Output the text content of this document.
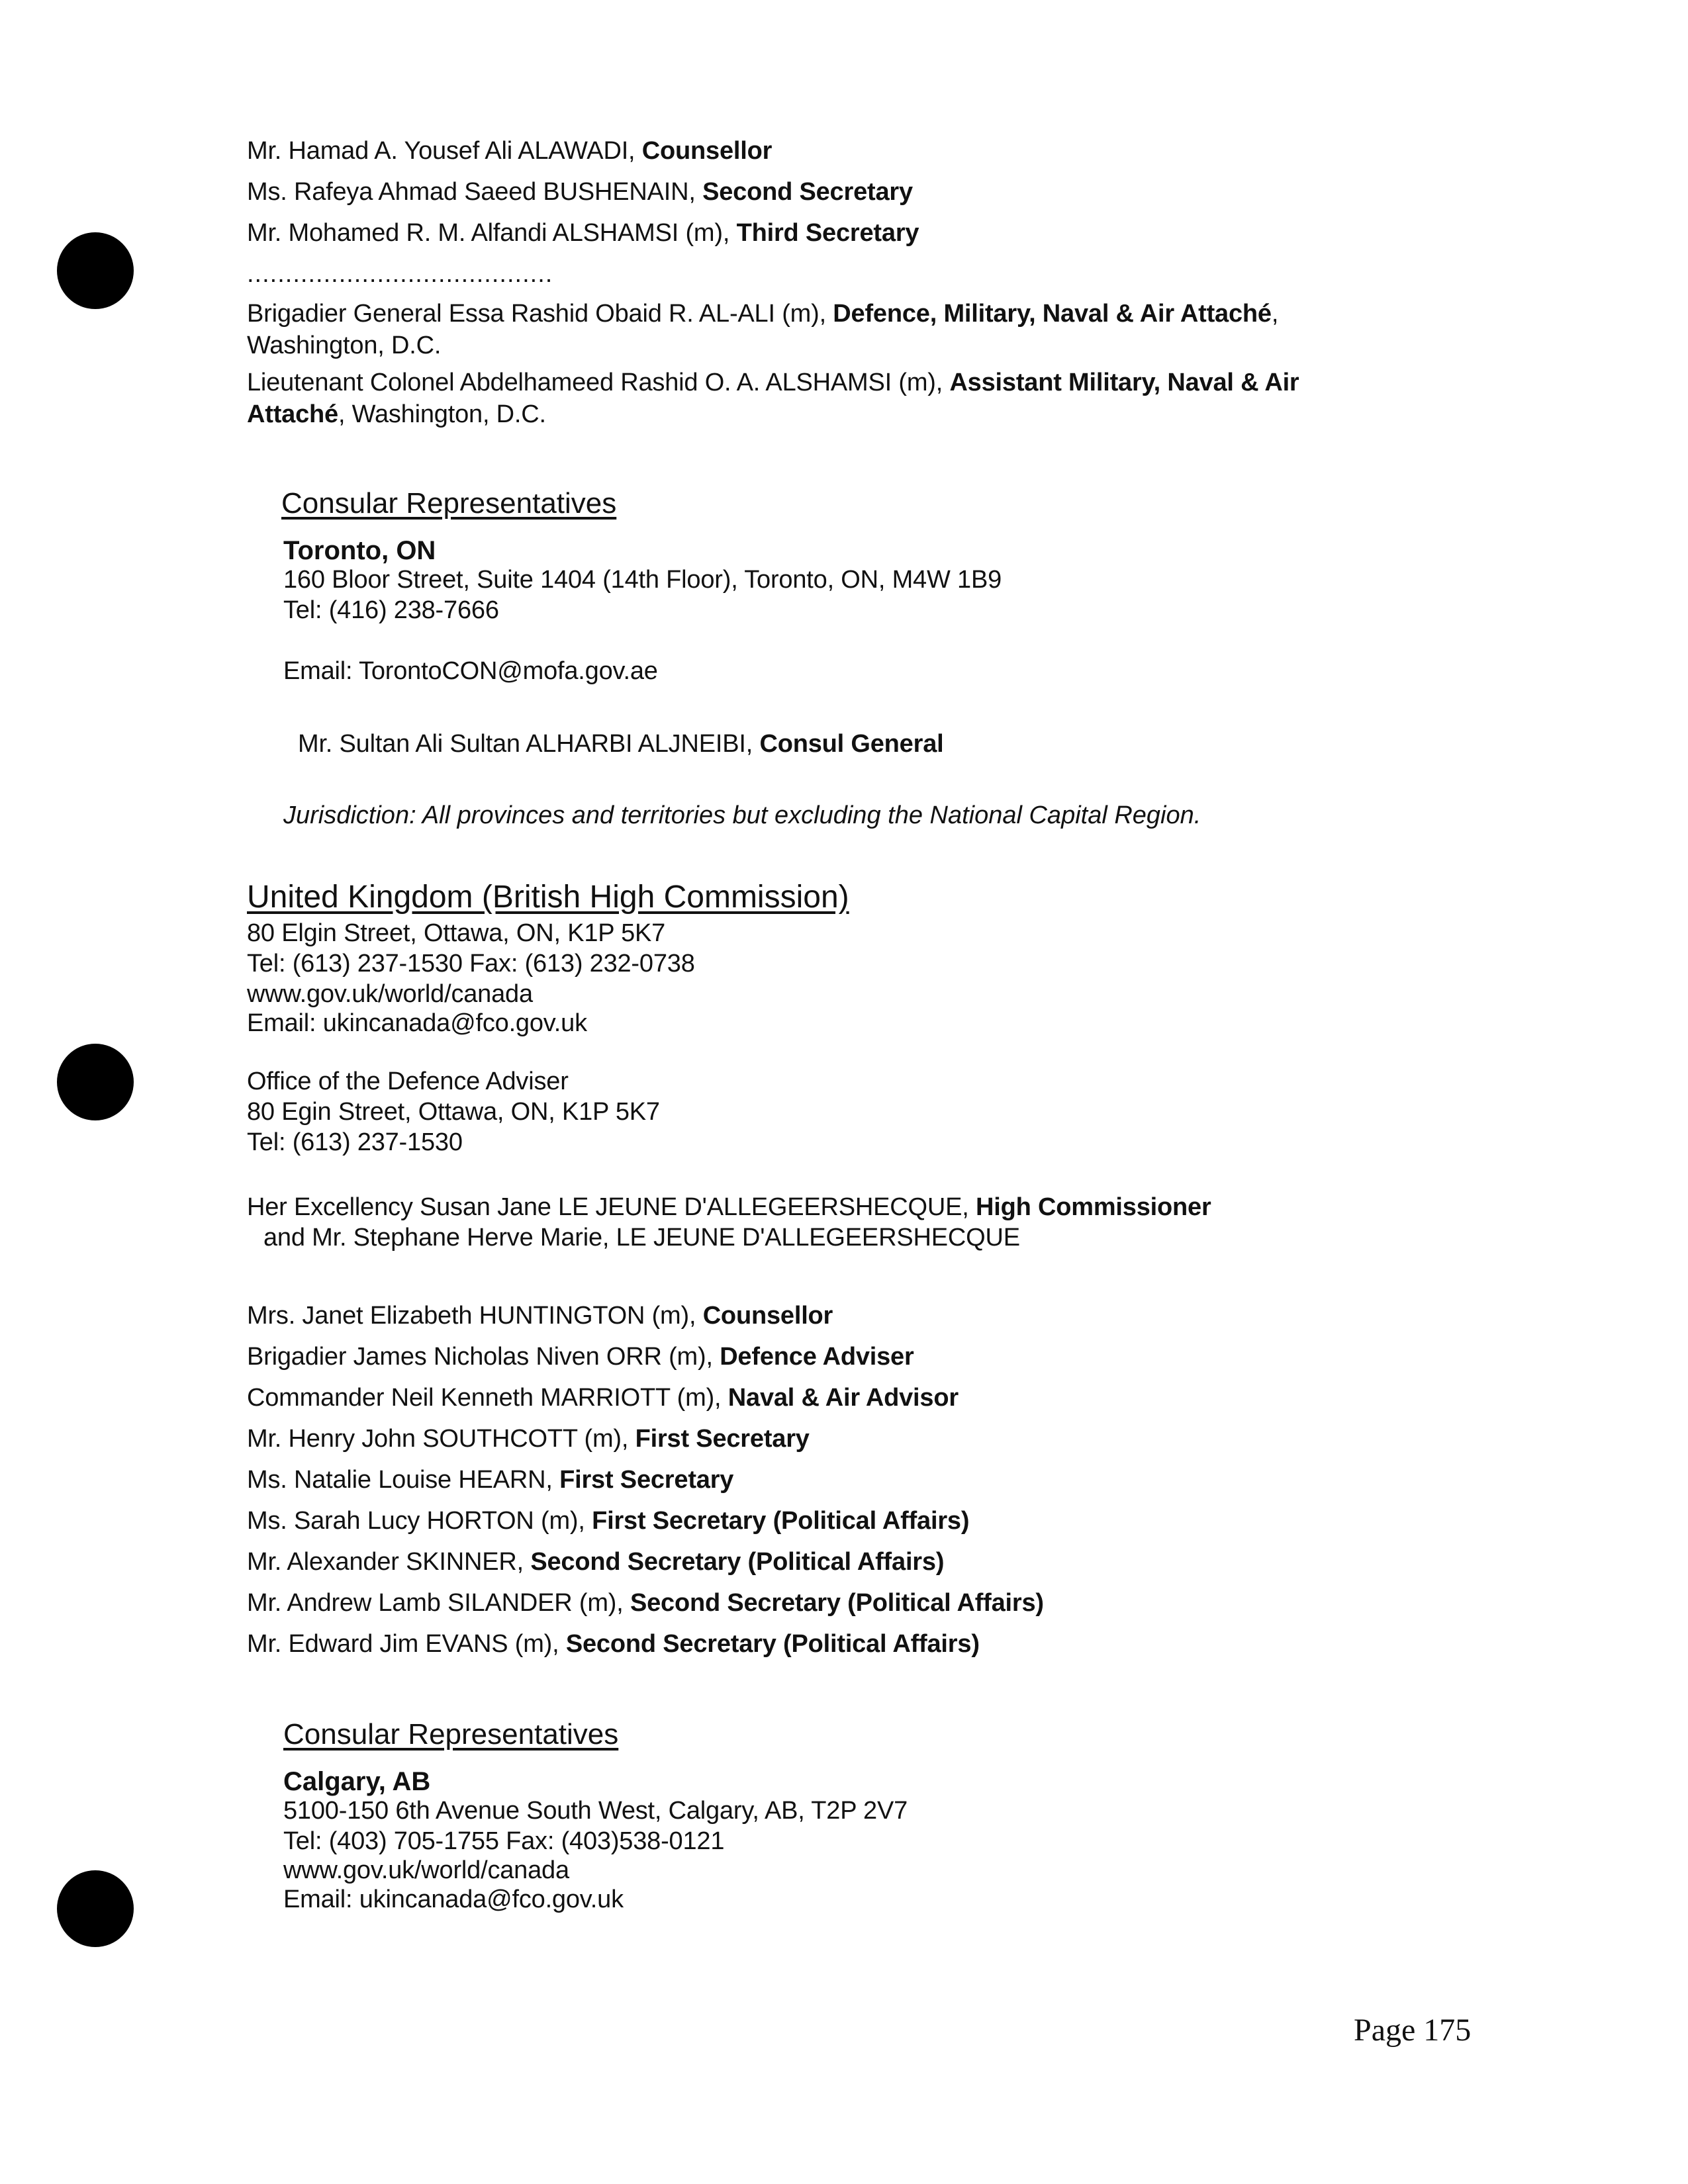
Mr. Hamad A. Yousef Ali ALAWADI, Counsellor
Ms. Rafeya Ahmad Saeed BUSHENAIN, Second Secretary
Mr. Mohamed R. M. Alfandi ALSHAMSI (m), Third Secretary
........................................
Brigadier General Essa Rashid Obaid R. AL-ALI (m), Defence, Military, Naval & Air Attaché, Washington, D.C.
Lieutenant Colonel Abdelhameed Rashid O. A. ALSHAMSI (m), Assistant Military, Naval & Air Attaché, Washington, D.C.
Consular Representatives
Toronto, ON
160 Bloor Street, Suite 1404 (14th Floor), Toronto, ON, M4W 1B9
Tel: (416) 238-7666
Email: TorontoCON@mofa.gov.ae
Mr. Sultan Ali Sultan ALHARBI ALJNEIBI, Consul General
Jurisdiction: All provinces and territories but excluding the National Capital Region.
United Kingdom (British High Commission)
80 Elgin Street, Ottawa, ON, K1P 5K7
Tel: (613) 237-1530 Fax: (613) 232-0738
www.gov.uk/world/canada
Email: ukincanada@fco.gov.uk
Office of the Defence Adviser
80 Egin Street, Ottawa, ON, K1P 5K7
Tel: (613) 237-1530
Her Excellency Susan Jane LE JEUNE D'ALLEGEERSHECQUE, High Commissioner
and Mr. Stephane Herve Marie, LE JEUNE D'ALLEGEERSHECQUE
Mrs. Janet Elizabeth HUNTINGTON (m), Counsellor
Brigadier James Nicholas Niven ORR (m), Defence Adviser
Commander Neil Kenneth MARRIOTT (m), Naval & Air Advisor
Mr. Henry John SOUTHCOTT (m), First Secretary
Ms. Natalie Louise HEARN, First Secretary
Ms. Sarah Lucy HORTON (m), First Secretary (Political Affairs)
Mr. Alexander SKINNER, Second Secretary (Political Affairs)
Mr. Andrew Lamb SILANDER (m), Second Secretary (Political Affairs)
Mr. Edward Jim EVANS (m), Second Secretary (Political Affairs)
Consular Representatives
Calgary, AB
5100-150 6th Avenue South West, Calgary, AB, T2P 2V7
Tel: (403) 705-1755 Fax: (403)538-0121
www.gov.uk/world/canada
Email: ukincanada@fco.gov.uk
Page 175
